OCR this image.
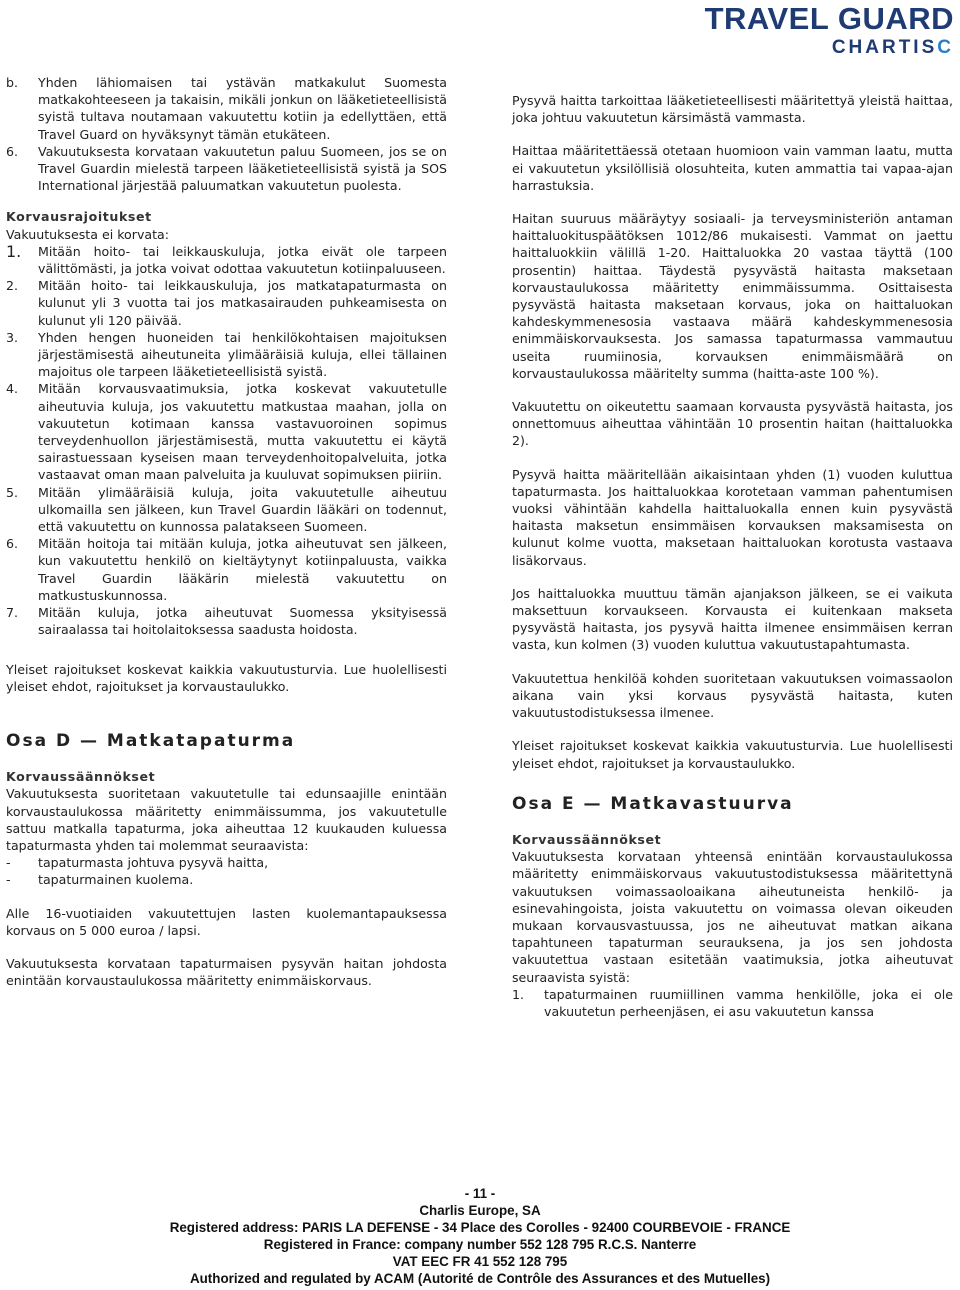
TRAVEL GUARD
CHARTISC
b.	Yhden lähiomaisen tai ystävän matkakulut Suomesta matkakohteeseen ja takaisin, mikäli jonkun on lääketieteellisistä syistä tultava noutamaan vakuutettu kotiin ja edellyttäen, että Travel Guard on hyväksynyt tämän etukäteen.
6.	Vakuutuksesta korvataan vakuutetun paluu Suomeen, jos se on Travel Guardin mielestä tarpeen lääketieteellisistä syistä ja SOS International järjestää paluumatkan vakuutetun puolesta.
Korvausrajoitukset
Vakuutuksesta ei korvata:
1.	Mitään hoito- tai leikkauskuluja, jotka eivät ole tarpeen välittömästi, ja jotka voivat odottaa vakuutetun kotiinpaluuseen.
2.	Mitään hoito- tai leikkauskuluja, jos matkatapaturmasta on kulunut yli 3 vuotta tai jos matkasairauden puhkeamisesta on kulunut yli 120 päivää.
3.	Yhden hengen huoneiden tai henkilökohtaisen majoituksen järjestämisestä aiheutuneita ylimääräisiä kuluja, ellei tällainen majoitus ole tarpeen lääketieteellisistä syistä.
4.	Mitään korvausvaatimuksia, jotka koskevat vakuutetulle aiheutuvia kuluja, jos vakuutettu matkustaa maahan, jolla on vakuutetun kotimaan kanssa vastavuoroinen sopimus terveydenhuollon järjestämisestä, mutta vakuutettu ei käytä sairastuessaan kyseisen maan terveydenhoitopalveluita, jotka vastaavat oman maan palveluita ja kuuluvat sopimuksen piiriin.
5.	Mitään ylimääräisiä kuluja, joita vakuutetulle aiheutuu ulkomailla sen jälkeen, kun Travel Guardin lääkäri on todennut, että vakuutettu on kunnossa palatakseen Suomeen.
6.	Mitään hoitoja tai mitään kuluja, jotka aiheutuvat sen jälkeen, kun vakuutettu henkilö on kieltäytynyt kotiinpaluusta, vaikka Travel Guardin lääkärin mielestä vakuutettu on matkustuskunnossa.
7.	Mitään kuluja, jotka aiheutuvat Suomessa yksityisessä sairaalassa tai hoitolaitoksessa saadusta hoidosta.

Yleiset rajoitukset koskevat kaikkia vakuutusturvia. Lue huolellisesti yleiset ehdot, rajoitukset ja korvaustaulukko.

Osa D — Matkatapaturma
Korvaussäännökset

Vakuutuksesta suoritetaan vakuutetulle tai edunsaajille enintään korvaustaulukossa määritetty enimmäissumma, jos vakuutetulle sattuu matkalla tapaturma, joka aiheuttaa 12 kuukauden kuluessa tapaturmasta yhden tai molemmat seuraavista:

-	tapaturmasta johtuva pysyvä haitta,
-	tapaturmainen kuolema.

Alle 16-vuotiaiden vakuutettujen lasten kuolemantapauksessa korvaus on 5 000 euroa / lapsi.

Vakuutuksesta korvataan tapaturmaisen pysyvän haitan johdosta enintään korvaustaulukossa määritetty enimmäiskorvaus.

Pysyvä haitta tarkoittaa lääketieteellisesti määritettyä yleistä haittaa, joka johtuu vakuutetun kärsimästä vammasta.

Haittaa määritettäessä otetaan huomioon vain vamman laatu, mutta ei vakuutetun yksilöllisiä olosuhteita, kuten ammattia tai vapaa-ajan harrastuksia.

Haitan suuruus määräytyy sosiaali- ja terveysministeriön antaman haittaluokituspäätöksen 1012/86 mukaisesti. Vammat on jaettu haittaluokkiin välillä 1-20. Haittaluokka 20 vastaa täyttä (100 prosentin) haittaa. Täydestä pysyvästä haitasta maksetaan korvaustaulukossa määritetty enimmäissumma. Osittaisesta pysyvästä haitasta maksetaan korvaus, joka on haittaluokan kahdeskymmenesosia vastaava määrä kahdeskymmenesosia enimmäiskorvauksesta. Jos samassa tapaturmassa vammautuu useita ruumiinosia, korvauksen enimmäismäärä on korvaustaulukossa määritelty summa (haitta-aste 100 %).

Vakuutettu on oikeutettu saamaan korvausta pysyvästä haitasta, jos onnettomuus aiheuttaa vähintään 10 prosentin haitan (haittaluokka 2).

Pysyvä haitta määritellään aikaisintaan yhden (1) vuoden kuluttua tapaturmasta. Jos haittaluokkaa korotetaan vamman pahentumisen vuoksi vähintään kahdella haittaluokalla ennen kuin pysyvästä haitasta maksetun ensimmäisen korvauksen maksamisesta on kulunut kolme vuotta, maksetaan haittaluokan korotusta vastaava lisäkorvaus.

Jos haittaluokka muuttuu tämän ajanjakson jälkeen, se ei vaikuta maksettuun korvaukseen. Korvausta ei kuitenkaan makseta pysyvästä haitasta, jos pysyvä haitta ilmenee ensimmäisen kerran vasta, kun kolmen (3) vuoden kuluttua vakuutustapahtumasta.

Vakuutettua henkilöä kohden suoritetaan vakuutuksen voimassaolon aikana vain yksi korvaus pysyvästä haitasta, kuten vakuutustodistuksessa ilmenee.

Yleiset rajoitukset koskevat kaikkia vakuutusturvia. Lue huolellisesti yleiset ehdot, rajoitukset ja korvaustaulukko.

Osa E — Matkavastuurva
Korvaussäännökset

Vakuutuksesta korvataan yhteensä enintään korvaustaulukossa määritetty enimmäiskorvaus vakuutustodistuksessa määritettynä vakuutuksen voimassaoloaikana aiheutuneista henkilö- ja esinevahingoista, joista vakuutettu on voimassa olevan oikeuden mukaan korvausvastuussa, jos ne aiheutuvat matkan aikana tapahtuneen tapaturman seurauksena, ja jos sen johdosta vakuutettua vastaan esitetään vaatimuksia, jotka aiheutuvat seuraavista syistä:

1.	tapaturmainen ruumiillinen vamma henkilölle, joka ei ole vakuutetun perheenjäsen, ei asu vakuutetun kanssa
- 11 -
Charlis Europe, SA
Registered address: PARIS LA DEFENSE - 34 Place des Corolles - 92400 COURBEVOIE - FRANCE
Registered in France: company number 552 128 795 R.C.S. Nanterre
VAT EEC FR 41 552 128 795
Authorized and regulated by ACAM (Autorité de Contrôle des Assurances et des Mutuelles)
